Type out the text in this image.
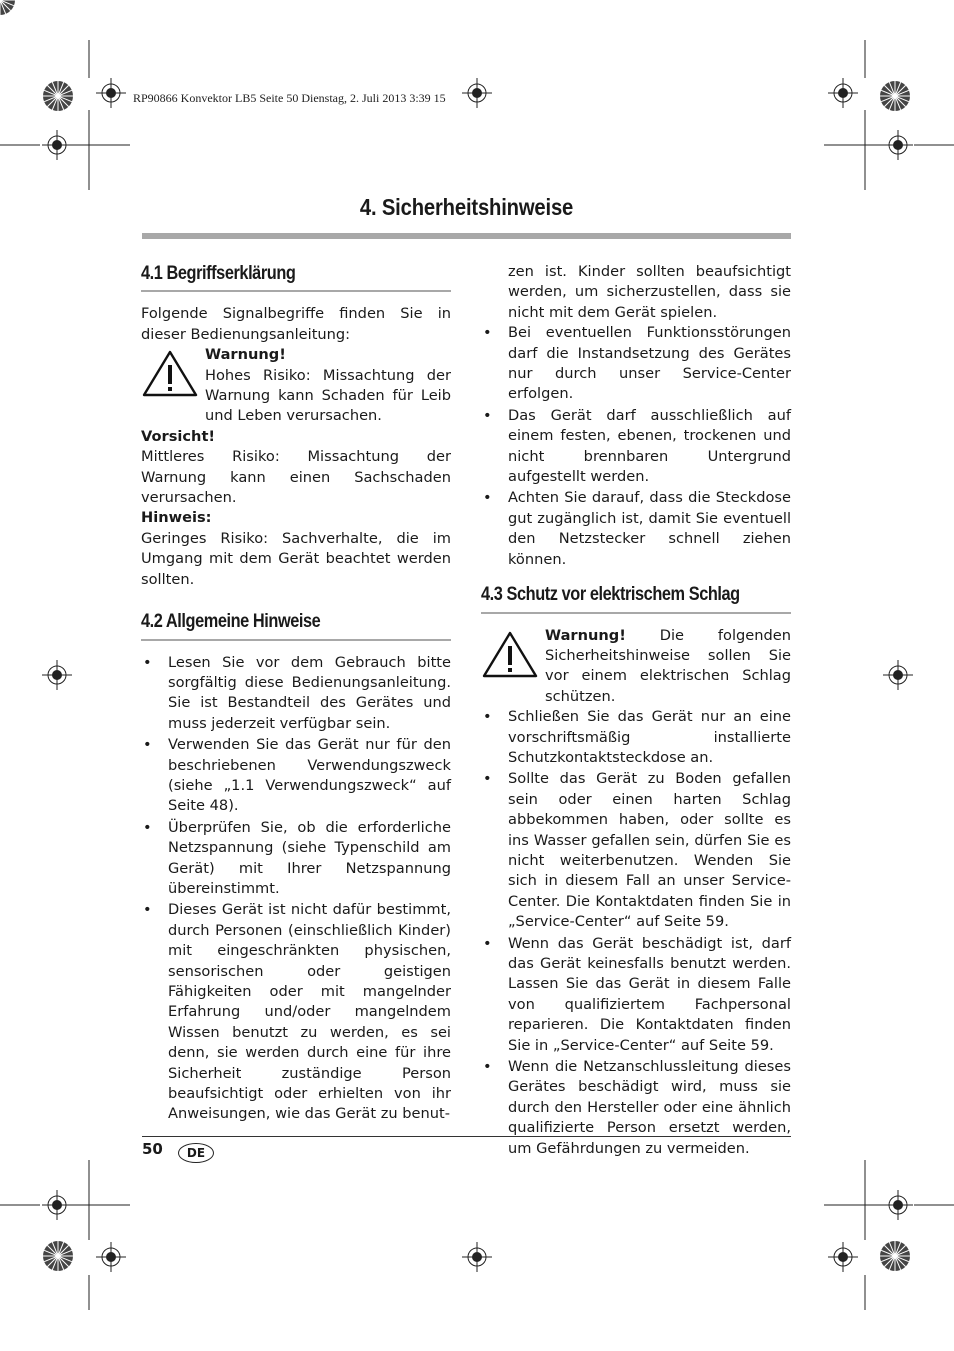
RP90866 Konvektor LB5 Seite 50 Dienstag, 2. Juli 2013 3:39 15
4. Sicherheitshinweise
4.1 Begriffserklärung

Folgende Signalbegriffe finden Sie in dieser Bedienungsanleitung:

Warnung!
Hohes Risiko: Missachtung der Warnung kann Schaden für Leib und Leben verursachen.
Vorsicht!

Mittleres Risiko: Missachtung der Warnung kann einen Sachschaden verursachen.

Hinweis:

Geringes Risiko: Sachverhalte, die im Umgang mit dem Gerät beachtet werden sollten.

4.2 Allgemeine Hinweise
• Lesen Sie vor dem Gebrauch bitte sorgfältig diese Bedienungsanleitung. Sie ist Bestandteil des Gerätes und muss jederzeit verfügbar sein.
• Verwenden Sie das Gerät nur für den beschriebenen Verwendungszweck (siehe „1.1 Verwendungszweck“ auf Seite 48).
• Überprüfen Sie, ob die erforderliche Netzspannung (siehe Typenschild am Gerät) mit Ihrer Netzspannung übereinstimmt.
• Dieses Gerät ist nicht dafür bestimmt, durch Personen (einschließlich Kinder) mit eingeschränkten physischen, sensorischen oder geistigen Fähigkeiten oder mit mangelnder Erfahrung und/oder mangelndem Wissen benutzt zu werden, es sei denn, sie werden durch eine für ihre Sicherheit zuständige Person beaufsichtigt oder erhielten von ihr Anweisungen, wie das Gerät zu benut-
zen ist. Kinder sollten beaufsichtigt werden, um sicherzustellen, dass sie nicht mit dem Gerät spielen.
• Bei eventuellen Funktionsstörungen darf die Instandsetzung des Gerätes nur durch unser Service-Center erfolgen.
• Das Gerät darf ausschließlich auf einem festen, ebenen, trockenen und nicht brennbaren Untergrund aufgestellt werden.
• Achten Sie darauf, dass die Steckdose gut zugänglich ist, damit Sie eventuell den Netzstecker schnell ziehen können.
4.3 Schutz vor elektrischem Schlag
Warnung! Die folgenden Sicherheitshinweise sollen Sie vor einem elektrischen Schlag schützen.
• Schließen Sie das Gerät nur an eine vorschriftsmäßig installierte Schutzkontaktsteckdose an.
• Sollte das Gerät zu Boden gefallen sein oder einen harten Schlag abbekommen haben, oder sollte es ins Wasser gefallen sein, dürfen Sie es nicht weiterbenutzen. Wenden Sie sich in diesem Fall an unser Service-Center. Die Kontaktdaten finden Sie in „Service-Center“ auf Seite 59.
• Wenn das Gerät beschädigt ist, darf das Gerät keinesfalls benutzt werden. Lassen Sie das Gerät in diesem Falle von qualifiziertem Fachpersonal reparieren. Die Kontaktdaten finden Sie in „Service-Center“ auf Seite 59.
• Wenn die Netzanschlussleitung dieses Gerätes beschädigt wird, muss sie durch den Hersteller oder eine ähnlich qualifizierte Person ersetzt werden, um Gefährdungen zu vermeiden.
50	DE
